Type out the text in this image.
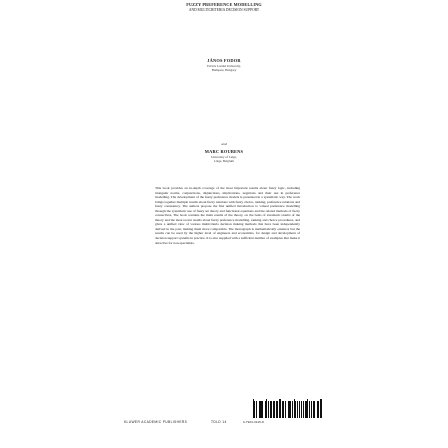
FUZZY PREFERENCE MODELLING
AND MULTICRITERIA DECISION SUPPORT
JÁNOS FODOR
Eötvös Loránd University,
Budapest, Hungary
and
MARC ROUBENS
University of Liège,
Liège, Belgium
This book provides an in-depth coverage of the most important results about fuzzy logic, including triangular norms, conjunctions, disjunctions, implications, negations and their use in preference modelling. The development of the fuzzy preference models is presented in a systematic way. The work brings together multiple results about fuzzy relations with fuzzy choice, ranking, preference relations and fuzzy consistency. The authors propose the first unified introduction to valued preference modelling through the systematic use of fuzzy set theory and functional equations and the related methods of fuzzy connectives. The book contains the main results of the theory, on the basis of axiomatic results of the theory and the most recent results about fuzzy preference modelling, ranking and choice procedures, and gives a unified view of various multicriteria decision making methods that have been independently derived in the past, making them more comparable. The monograph is mathematically oriented, but the results can be used by the higher level of engineers and economists, for design and development of decision support systems in practice. It is also supplied with a sufficient number of examples that make it attractive for non-specialists.
KLUWER ACADEMIC PUBLISHERS	TDLD 14	0-7923-3116-8
